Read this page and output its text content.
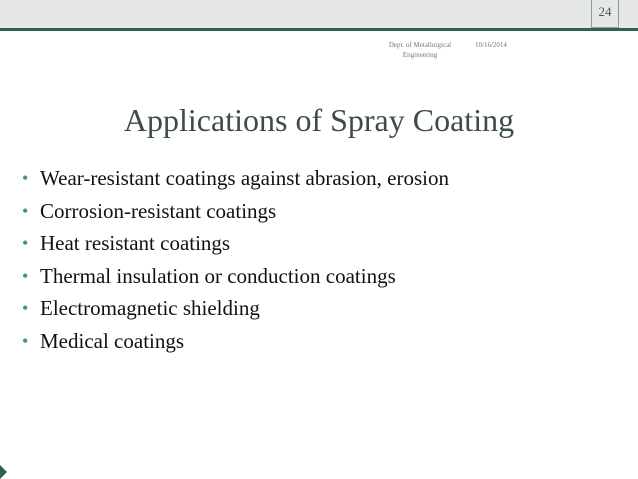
24
Dept. of Metallurgical Engineering
10/16/2014
Applications of Spray Coating
• Wear-resistant coatings against abrasion, erosion
• Corrosion-resistant coatings
• Heat resistant coatings
• Thermal insulation or conduction coatings
• Electromagnetic shielding
• Medical coatings
